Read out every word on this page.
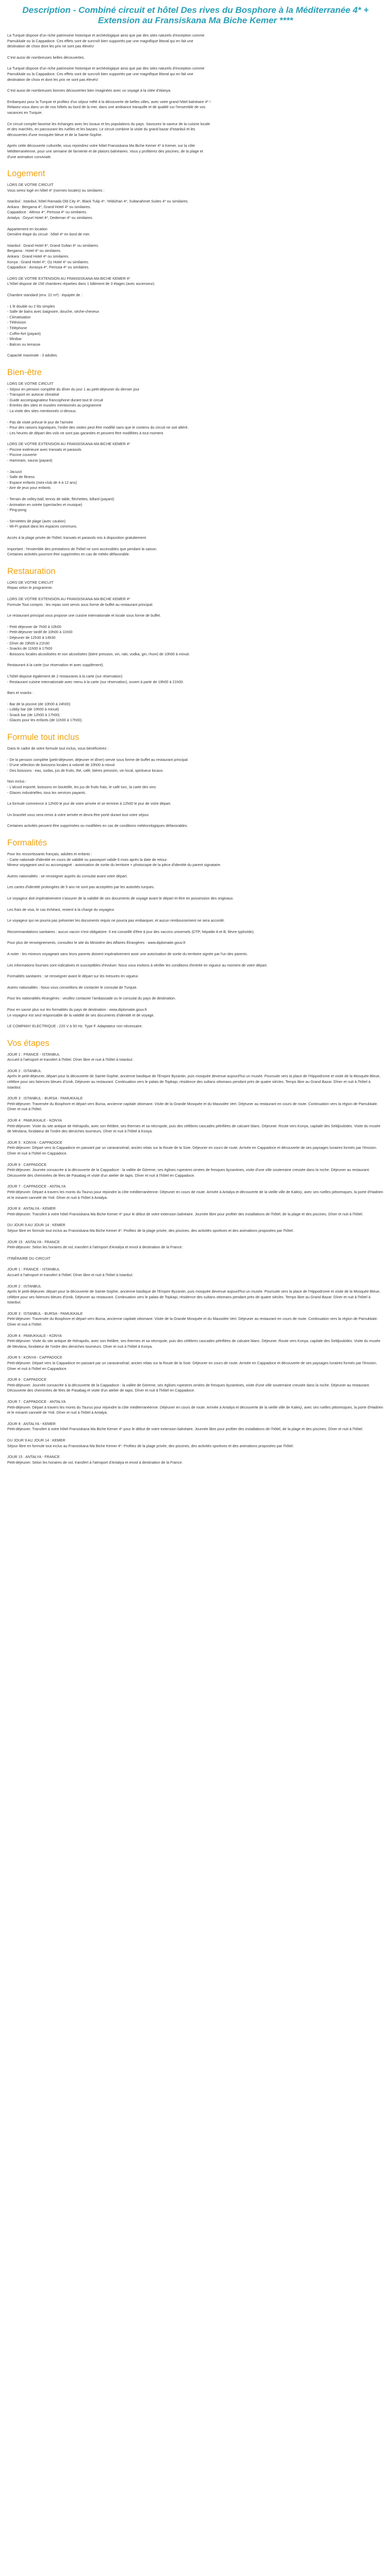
Description - Combiné circuit et hôtel Des rives du Bosphore à la Méditerranée 4* + Extension au Fransiskana Ma Biche Kemer ****

La Turquie dispose d'un riche patrimoine historique et archéologique ainsi que par des sites naturels d'exception comme
Pamukkale ou la Cappadoce. Ces effets sont de surcroît bien supportés par une magnifique littoral qui en fait une
destination de choix dont les prix ne sont pas élevés!

C'est aussi de nombreuses belles découvertes.

La Turquie dispose d'un riche patrimoine historique et archéologique ainsi que par des sites naturels d'exception comme
Pamukkale ou la Cappadoce. Ces effets sont de surcroît bien supportés par une magnifique littoral qui en fait une
destination de choix et dont les prix ne sont pas élevés!

C'est aussi de nombreuses bonnes découvertes bien imaginées avec un voyage à la citée d'Alanya.

Embarquez pour la Turquie et profitez d'un séjour mêlé à la découverte de belles villes, avec votre grand hôtel balnéaire 4* !
Relaxez-vous dans un de nos hôtels au bord de la mer, dans une ambiance tranquille et de qualité sur l'ensemble de vos
vacances en Turquie.

Ce circuit complet favorise les échanges avec les locaux et les populations du pays. Savourez la saveur de la cuisine locale
et des marchés, en parcourant les ruelles et les bazars. Le circuit combine la visite du grand bazar d'Istanbul et les
découvertes d'une mosquée bleue et de la Sainte-Sophie.

Après cette découverte culturelle, vous rejoindrez votre hôtel Fransiskana Ma Biche Kemer 4* à Kemer, sur la côte
Méditerranéenne, pour une semaine de farniente et de plaisirs balnéaires. Vous y profiterez des piscines, de la plage et
d'une animation conviviale.

Logement

LORS DE VOTRE CIRCUIT
Vous serez logé en hôtel 4* (normes locales) ou similaires :

Istanbul : Istanbul, hôtel Ramada Old City 4*, Black Tulip 4*, Yeldizhan 4*, Sultanahmet Suites 4* ou similaires.
Ankara : Bergama 4*, Grand Hotel 4* ou similaires.
Cappadoce : Altinoz 4*, Perissia 4* ou similaires.
Antalya : Ozyurt Hotel 4*, Dedeman 4* ou similaires.

Appartement en location
Dernière étape du circuit : hôtel 4* en bord de mer.

Istanbul : Grand Hotel 4*, Grand Sultan 4* ou similaires.
Bergama : Hotel 4* ou similaires.
Ankara : Grand Hotel 4* ou similaires.
Konya : Grand Hotel 4*, Oz Hotel 4* ou similaires.
Cappadoce : Avrasya 4*, Perissia 4* ou similaires.

LORS DE VOTRE EXTENSION AU FRANSISKANA MA BICHE KEMER 4*
L'hôtel dispose de 156 chambres réparties dans 1 bâtiment de 3 étages (avec ascenseur).

Chambre standard (env. 22 m²) : équipée de :

- 1 lit double ou 2 lits simples
- Salle de bains avec baignoire, douche, sèche-cheveux
- Climatisation
- Télévision
- Téléphone
- Coffre-fort (payant)
- Minibar
- Balcon ou terrasse

Capacité maximale : 3 adultes.

Bien-être

LORS DE VOTRE CIRCUIT
- Séjour en pension complète du dîner du jour 1 au petit-déjeuner du dernier jour
- Transport en autocar climatisé
- Guide accompagnateur francophone durant tout le circuit
- Entrées des sites et musées mentionnés au programme
- La visite des sites mentionnés ci-dessus.

- Pas de visite prévue le jour de l'arrivée
- Pour des raisons logistiques, l'ordre des visites peut être modifié sans que le contenu du circuit ne soit altéré.
- Les heures de départ des vols ne sont pas garanties et peuvent être modifiées à tout moment.

LORS DE VOTRE EXTENSION AU FRANSISKANA MA BICHE KEMER 4*
- Piscine extérieure avec transats et parasols.
- Piscine couverte
- Hammam, sauna (payant)

- Jacuzzi
- Salle de fitness
- Espace enfants (mini-club de 4 à 12 ans)
- Aire de jeux pour enfants

- Terrain de volley-ball, tennis de table, fléchettes, billard (payant)
- Animation en soirée (spectacles et musique)
- Ping-pong

- Serviettes de plage (avec caution)
- Wi-Fi gratuit dans les espaces communs.

Accès à la plage privée de l'hôtel, transats et parasols mis à disposition gratuitement.

Important : l'ensemble des prestations de l'hôtel ne sont accessibles que pendant la saison.
Certaines activités pourront être supprimées en cas de météo défavorable.

Restauration

LORS DE VOTRE CIRCUIT
Repas selon le programme.

LORS DE VOTRE EXTENSION AU FRANSISKANA MA BICHE KEMER 4*
Formule Tout compris : les repas sont servis sous forme de buffet au restaurant principal.

Le restaurant principal vous propose une cuisine internationale et locale sous forme de buffet.

- Petit déjeuner de 7h00 à 10h00
- Petit-déjeuner tardif de 10h00 à 11h00
- Déjeuner de 12h30 à 14h30
- Dîner de 19h00 à 21h30
- Snacks de 11h00 à 17h00
- Boissons locales alcoolisées et non alcoolisées (bière pression, vin, raki, vodka, gin, rhum) de 10h00 à minuit.

Restaurant à la carte (sur réservation et avec supplément).

L'hôtel dispose également de 2 restaurants à la carte (sur réservation)
- Restaurant cuisine internationale avec menu à la carte (sur réservation), ouvert à partir de 19h00 à 21h00.

Bars et snacks :

- Bar de la piscine (de 10h00 à 24h00)
- Lobby bar (de 10h00 à minuit)
- Snack bar (de 12h00 à 17h00)
- Glaces pour les enfants (de 11h00 à 17h00).

Formule tout inclus

Dans le cadre de votre formule tout inclus, vous bénéficierez :

- De la pension complète (petit-déjeuner, déjeuner et dîner) servie sous forme de buffet au restaurant principal
- D'une sélection de boissons locales à volonté de 10h00 à minuit
- Des boissons : eau, sodas, jus de fruits, thé, café, bières pression, vin local, spiritueux locaux.

Non inclus :
- L'alcool importé, boissons en bouteille, les jus de fruits frais, le café turc, la carte des vins
- Glaces industrielles, tous les services payants.

La formule commence à 12h00 le jour de votre arrivée et se termine à 12h00 le jour de votre départ.

Un bracelet vous sera remis à votre arrivée et devra être porté durant tout votre séjour.

Certaines activités peuvent être supprimées ou modifiées en cas de conditions météorologiques défavorables.

Formalités

Pour les ressortissants français, adultes et enfants :
- Carte nationale d'identité en cours de validité ou passeport valide 6 mois après la date de retour.
Mineur voyageant seul ou accompagné : autorisation de sortie du territoire + photocopie de la pièce d'identité du parent signataire.

Autres nationalités : se renseigner auprès du consulat avant votre départ.

Les cartes d'identité prolongées de 5 ans ne sont pas acceptées par les autorités turques.

Le voyageur doit impérativement s'assurer de la validité de ses documents de voyage avant le départ et être en possession des originaux.

Les frais de visa, le cas échéant, restent à la charge du voyageur.

Le voyageur qui ne pourra pas présenter les documents requis ne pourra pas embarquer, et aucun remboursement ne sera accordé.

Recommandations sanitaires : aucun vaccin n'est obligatoire. Il est conseillé d'être à jour des vaccins universels (DTP, hépatite A et B, fièvre typhoïde).

Pour plus de renseignements, consultez le site du Ministère des Affaires Étrangères : www.diplomatie.gouv.fr

A noter : les mineurs voyageant sans leurs parents doivent impérativement avoir une autorisation de sortie du territoire signée par l'un des parents.

Les informations fournies sont indicatives et susceptibles d'évoluer. Nous vous invitons à vérifier les conditions d'entrée en vigueur au moment de votre départ.

Formalités sanitaires : se renseigner avant le départ sur les mesures en vigueur.

Autres nationalités : Nous vous conseillons de contacter le consulat de Turquie.

Pour les nationalités étrangères : veuillez contacter l'ambassade ou le consulat du pays de destination.

Pour en savoir plus sur les formalités du pays de destination : www.diplomatie.gouv.fr
Le voyageur est seul responsable de la validité de ses documents d'identité et de voyage.

LE COMPANY ELECTRIQUE : 220 V à 50 Hz. Type F. Adaptateur non nécessaire.

Vos étapes

JOUR 1 : FRANCE - ISTANBUL
Accueil à l'aéroport et transfert à l'hôtel. Dîner libre et nuit à l'hôtel à Istanbul.

JOUR 2 : ISTANBUL
Après le petit-déjeuner, départ pour la découverte de Sainte-Sophie, ancienne basilique de l'Empire Byzantin, puis mosquée devenue aujourd'hui un musée. Poursuite vers la place de l'Hippodrome et visite de la Mosquée Bleue, célèbre pour ses faïences bleues d'Iznik. Déjeuner au restaurant. Continuation vers le palais de Topkapi, résidence des sultans ottomans pendant près de quatre siècles. Temps libre au Grand Bazar. Dîner et nuit à l'hôtel à Istanbul.

JOUR 3 : ISTANBUL - BURSA - PAMUKKALE
Petit-déjeuner. Traversée du Bosphore et départ vers Bursa, ancienne capitale ottomane. Visite de la Grande Mosquée et du Mausolée Vert. Déjeuner au restaurant en cours de route. Continuation vers la région de Pamukkale. Dîner et nuit à l'hôtel.

JOUR 4 : PAMUKKALE - KONYA
Petit-déjeuner. Visite du site antique de Hiérapolis, avec son théâtre, ses thermes et sa nécropole, puis des célèbres cascades pétrifiées de calcaire blanc. Déjeuner. Route vers Konya, capitale des Seldjoukides. Visite du musée de Mevlana, fondateur de l'ordre des derviches tourneurs. Dîner et nuit à l'hôtel à Konya.

JOUR 5 : KONYA - CAPPADOCE
Petit-déjeuner. Départ vers la Cappadoce en passant par un caravansérail, ancien relais sur la Route de la Soie. Déjeuner en cours de route. Arrivée en Cappadoce et découverte de ses paysages lunaires formés par l'érosion. Dîner et nuit à l'hôtel en Cappadoce.

JOUR 6 : CAPPADOCE
Petit-déjeuner. Journée consacrée à la découverte de la Cappadoce : la vallée de Göreme, ses églises rupestres ornées de fresques byzantines, visite d'une ville souterraine creusée dans la roche. Déjeuner au restaurant. Découverte des cheminées de fées de Pasabag et visite d'un atelier de tapis. Dîner et nuit à l'hôtel en Cappadoce.

JOUR 7 : CAPPADOCE - ANTALYA
Petit-déjeuner. Départ à travers les monts du Taurus pour rejoindre la côte méditerranéenne. Déjeuner en cours de route. Arrivée à Antalya et découverte de la vieille ville de Kaleiçi, avec ses ruelles pittoresques, la porte d'Hadrien et le minaret cannelé de Yivli. Dîner et nuit à l'hôtel à Antalya.

JOUR 8 : ANTALYA - KEMER
Petit-déjeuner. Transfert à votre hôtel Fransiskana Ma Biche Kemer 4* pour le début de votre extension balnéaire. Journée libre pour profiter des installations de l'hôtel, de la plage et des piscines. Dîner et nuit à l'hôtel.

DU JOUR 9 AU JOUR 14 : KEMER
Séjour libre en formule tout inclus au Fransiskana Ma Biche Kemer 4*. Profitez de la plage privée, des piscines, des activités sportives et des animations proposées par l'hôtel.

JOUR 15 : ANTALYA - FRANCE
Petit-déjeuner. Selon les horaires de vol, transfert à l'aéroport d'Antalya et envol à destination de la France.

ITINÉRAIRE DU CIRCUIT

JOUR 1 : FRANCE - ISTANBUL
Accueil à l'aéroport et transfert à l'hôtel. Dîner libre et nuit à l'hôtel à Istanbul.

JOUR 2 : ISTANBUL
Après le petit-déjeuner, départ pour la découverte de Sainte-Sophie, ancienne basilique de l'Empire Byzantin, puis mosquée devenue aujourd'hui un musée. Poursuite vers la place de l'Hippodrome et visite de la Mosquée Bleue, célèbre pour ses faïences bleues d'Iznik. Déjeuner au restaurant. Continuation vers le palais de Topkapi, résidence des sultans ottomans pendant près de quatre siècles. Temps libre au Grand Bazar. Dîner et nuit à l'hôtel à Istanbul.

JOUR 3 : ISTANBUL - BURSA - PAMUKKALE
Petit-déjeuner. Traversée du Bosphore et départ vers Bursa, ancienne capitale ottomane. Visite de la Grande Mosquée et du Mausolée Vert. Déjeuner au restaurant en cours de route. Continuation vers la région de Pamukkale. Dîner et nuit à l'hôtel.

JOUR 4 : PAMUKKALE - KONYA
Petit-déjeuner. Visite du site antique de Hiérapolis, avec son théâtre, ses thermes et sa nécropole, puis des célèbres cascades pétrifiées de calcaire blanc. Déjeuner. Route vers Konya, capitale des Seldjoukides. Visite du musée de Mevlana, fondateur de l'ordre des derviches tourneurs. Dîner et nuit à l'hôtel à Konya.

JOUR 5 : KONYA - CAPPADOCE
Petit-déjeuner. Départ vers la Cappadoce en passant par un caravansérail, ancien relais sur la Route de la Soie. Déjeuner en cours de route. Arrivée en Cappadoce et découverte de ses paysages lunaires formés par l'érosion. Dîner et nuit à l'hôtel en Cappadoce.

JOUR 6 : CAPPADOCE
Petit-déjeuner. Journée consacrée à la découverte de la Cappadoce : la vallée de Göreme, ses églises rupestres ornées de fresques byzantines, visite d'une ville souterraine creusée dans la roche. Déjeuner au restaurant. Découverte des cheminées de fées de Pasabag et visite d'un atelier de tapis. Dîner et nuit à l'hôtel en Cappadoce.

JOUR 7 : CAPPADOCE - ANTALYA
Petit-déjeuner. Départ à travers les monts du Taurus pour rejoindre la côte méditerranéenne. Déjeuner en cours de route. Arrivée à Antalya et découverte de la vieille ville de Kaleiçi, avec ses ruelles pittoresques, la porte d'Hadrien et le minaret cannelé de Yivli. Dîner et nuit à l'hôtel à Antalya.

JOUR 8 : ANTALYA - KEMER
Petit-déjeuner. Transfert à votre hôtel Fransiskana Ma Biche Kemer 4* pour le début de votre extension balnéaire. Journée libre pour profiter des installations de l'hôtel, de la plage et des piscines. Dîner et nuit à l'hôtel.

DU JOUR 9 AU JOUR 14 : KEMER
Séjour libre en formule tout inclus au Fransiskana Ma Biche Kemer 4*. Profitez de la plage privée, des piscines, des activités sportives et des animations proposées par l'hôtel.

JOUR 15 : ANTALYA - FRANCE
Petit-déjeuner. Selon les horaires de vol, transfert à l'aéroport d'Antalya et envol à destination de la France.
